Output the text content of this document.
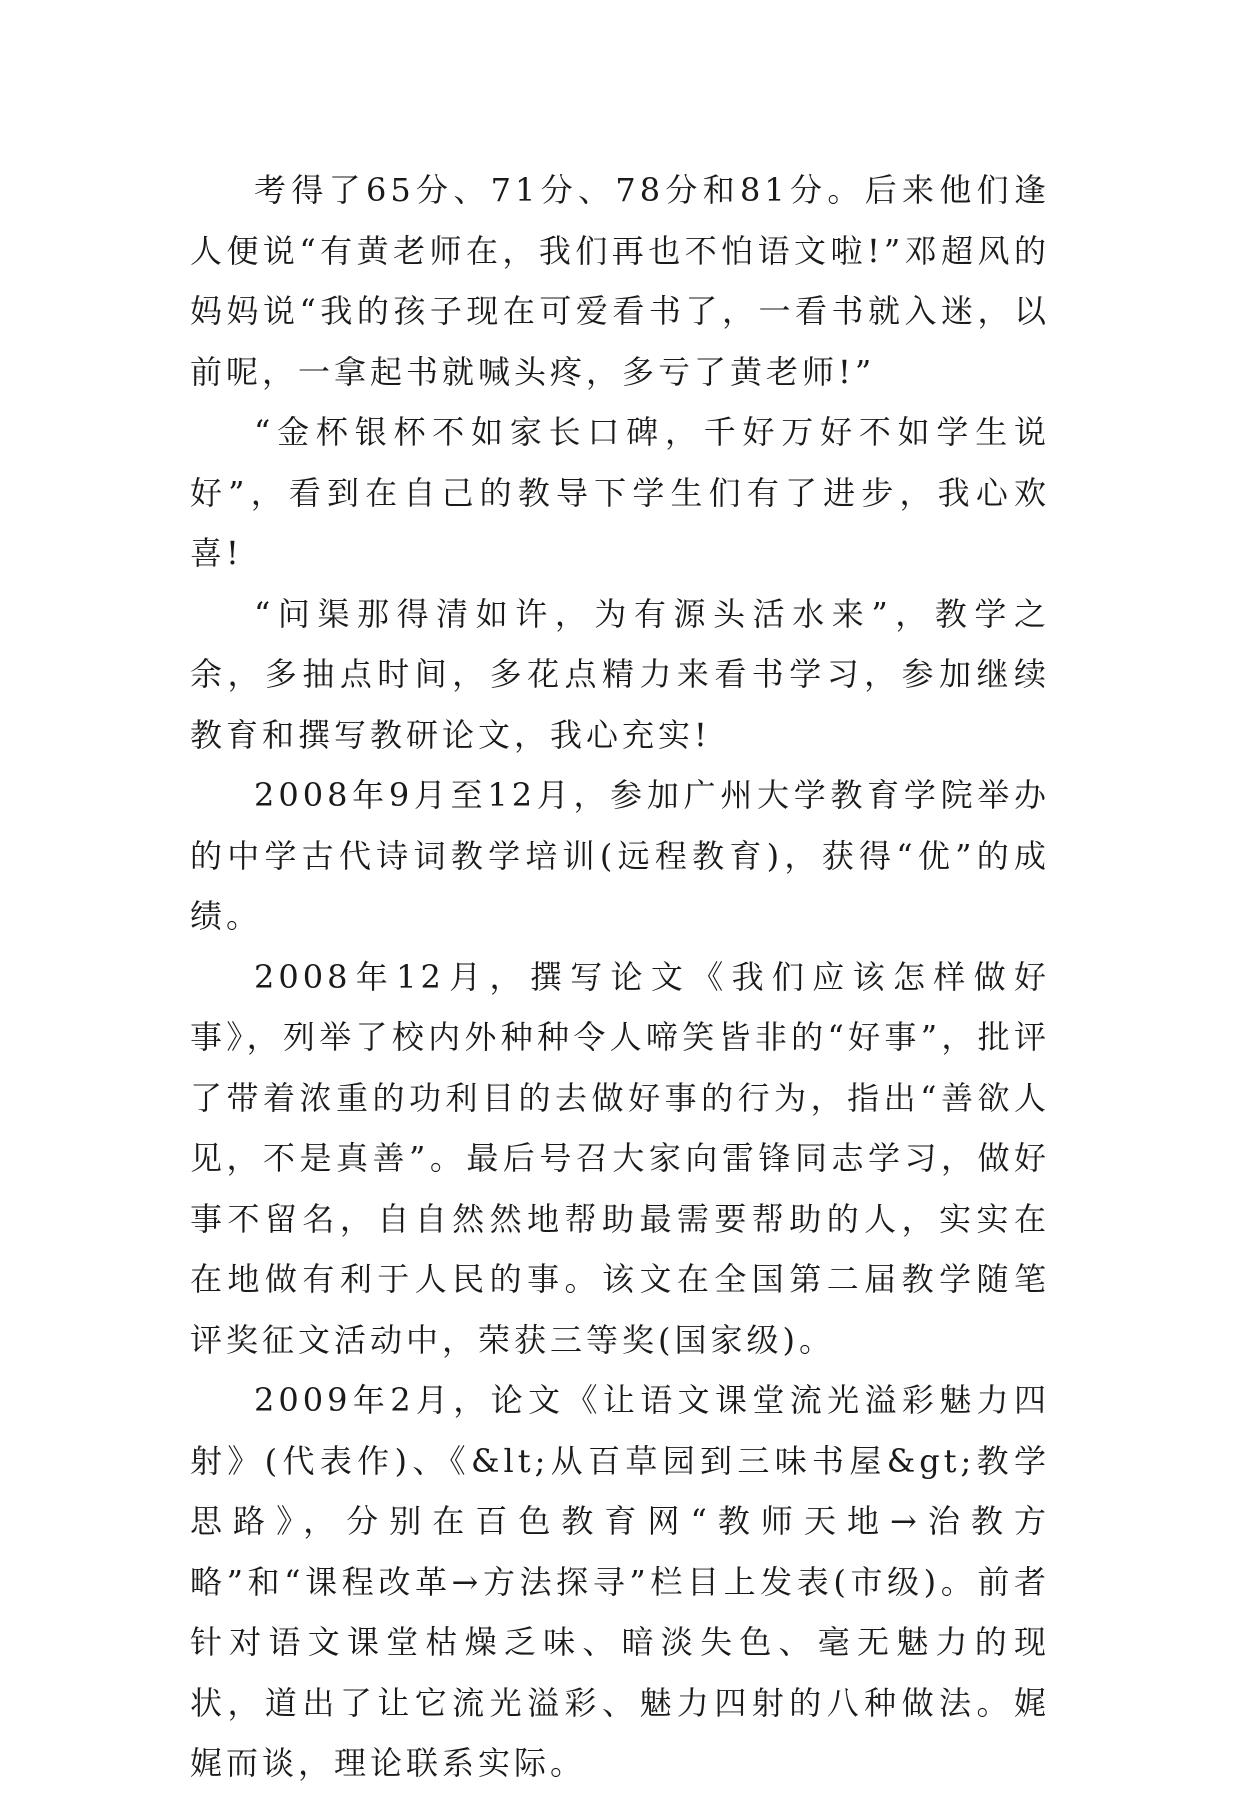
考得了65分、71分、78分和81分。后来他们逢人便说“有黄老师在，我们再也不怕语文啦!”邓超风的妈妈说“我的孩子现在可爱看书了，一看书就入迷，以前呢，一拿起书就喊头疼，多亏了黄老师!”

“金杯银杯不如家长口碑，千好万好不如学生说好”，看到在自己的教导下学生们有了进步，我心欢喜!

“问渠那得清如许，为有源头活水来”，教学之余，多抽点时间，多花点精力来看书学习，参加继续教育和撰写教研论文，我心充实!

2008年9月至12月，参加广州大学教育学院举办的中学古代诗词教学培训(远程教育)，获得“优”的成绩。

2008年12月，撰写论文《我们应该怎样做好事》，列举了校内外种种令人啼笑皆非的“好事”，批评了带着浓重的功利目的去做好事的行为，指出“善欲人见，不是真善”。最后号召大家向雷锋同志学习，做好事不留名，自自然然地帮助最需要帮助的人，实实在在地做有利于人民的事。该文在全国第二届教学随笔评奖征文活动中，荣获三等奖(国家级)。

2009年2月，论文《让语文课堂流光溢彩魅力四射》(代表作)、《&lt;从百草园到三味书屋&gt;教学思路》，分别在百色教育网“教师天地→治教方略”和“课程改革→方法探寻”栏目上发表(市级)。前者针对语文课堂枯燥乏味、暗淡失色、毫无魅力的现状，道出了让它流光溢彩、魅力四射的八种做法。娓娓而谈，理论联系实际。
